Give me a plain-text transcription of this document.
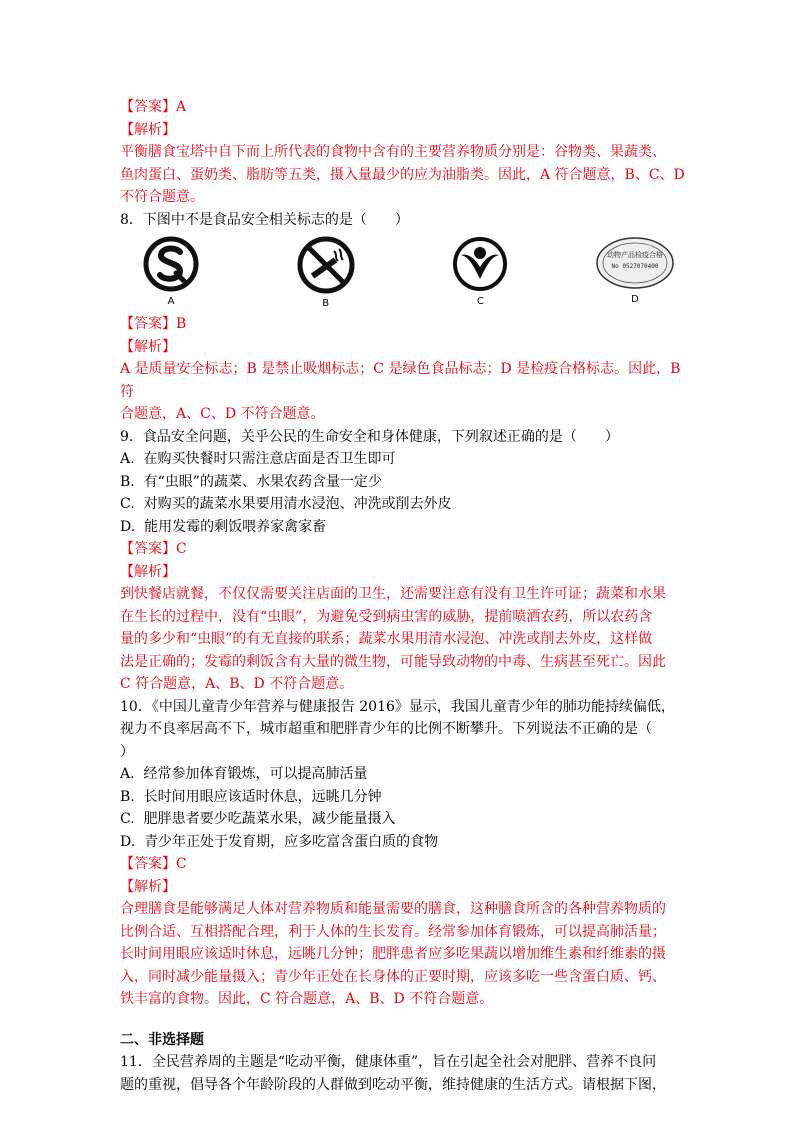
【答案】A
【解析】
平衡膳食宝塔中自下而上所代表的食物中含有的主要营养物质分别是：谷物类、果蔬类、
鱼肉蛋白、蛋奶类、脂肪等五类，摄入量最少的应为油脂类。因此，A 符合题意，B、C、D
不符合题意。
8．下图中不是食品安全相关标志的是（　　）
A	B	C
动物产品检疫合格
No 0527070400
D
【答案】B
【解析】
A 是质量安全标志；B 是禁止吸烟标志；C 是绿色食品标志；D 是检疫合格标志。因此，B 符
合题意，A、C、D 不符合题意。
9．食品安全问题，关乎公民的生命安全和身体健康，下列叙述正确的是（　　）
A.  在购买快餐时只需注意店面是否卫生即可
B.  有“虫眼”的蔬菜、水果农药含量一定少
C.  对购买的蔬菜水果要用清水浸泡、冲洗或削去外皮
D.  能用发霉的剩饭喂养家禽家畜
【答案】C
【解析】
到快餐店就餐，不仅仅需要关注店面的卫生，还需要注意有没有卫生许可证；蔬菜和水果
在生长的过程中，没有“虫眼”，为避免受到病虫害的威胁，提前喷洒农药，所以农药含
量的多少和“虫眼”的有无直接的联系；蔬菜水果用清水浸泡、冲洗或削去外皮，这样做
法是正确的；发霉的剩饭含有大量的微生物，可能导致动物的中毒、生病甚至死亡。因此
C 符合题意，A、B、D 不符合题意。
10．《中国儿童青少年营养与健康报告 2016》显示，我国儿童青少年的肺功能持续偏低，
视力不良率居高不下，城市超重和肥胖青少年的比例不断攀升。下列说法不正确的是（
）
A.  经常参加体育锻炼，可以提高肺活量
B.  长时间用眼应该适时休息，远眺几分钟
C.  肥胖患者要少吃蔬菜水果，减少能量摄入
D.  青少年正处于发育期，应多吃富含蛋白质的食物
【答案】C
【解析】
合理膳食是能够满足人体对营养物质和能量需要的膳食，这种膳食所含的各种营养物质的
比例合适、互相搭配合理，利于人体的生长发育。经常参加体育锻炼，可以提高肺活量；
长时间用眼应该适时休息，远眺几分钟；肥胖患者应多吃果蔬以增加维生素和纤维素的摄
入，同时减少能量摄入；青少年正处在长身体的正要时期，应该多吃一些含蛋白质、钙、
铁丰富的食物。因此，C 符合题意，A、B、D 不符合题意。
二、非选择题
11．全民营养周的主题是“吃动平衡，健康体重”，旨在引起全社会对肥胖、营养不良问
题的重视，倡导各个年龄阶段的人群做到吃动平衡，维持健康的生活方式。请根据下图，
